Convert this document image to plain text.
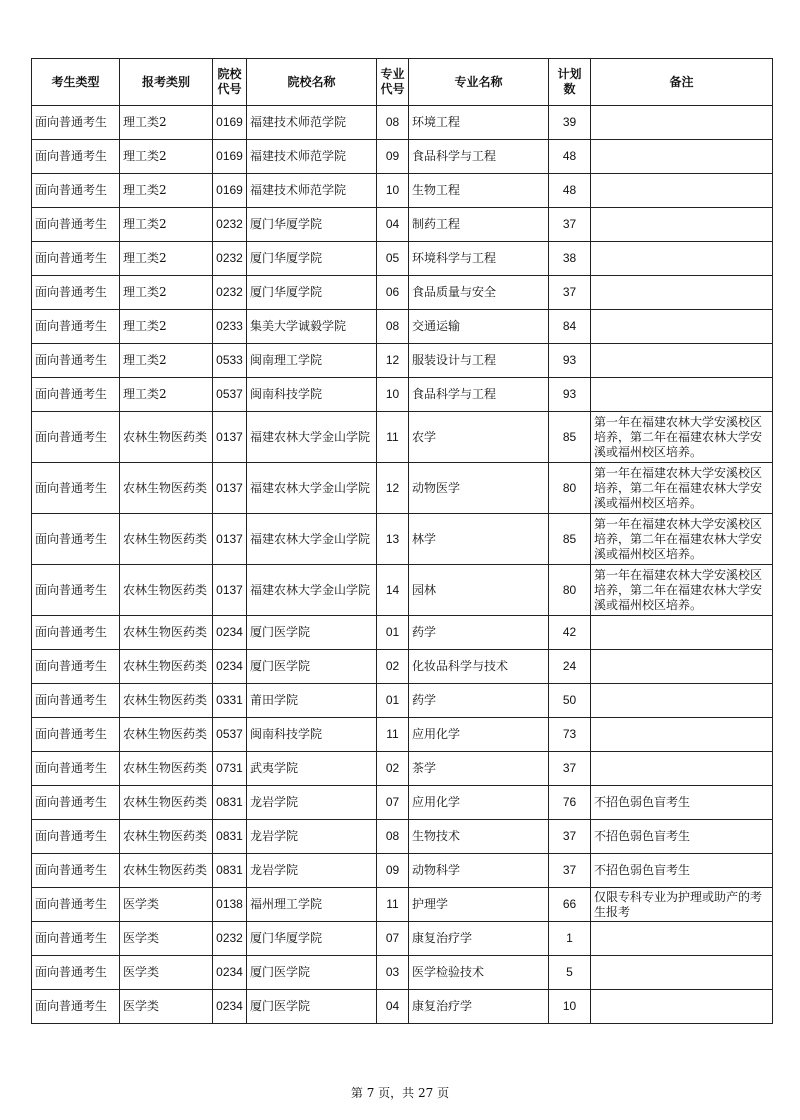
考生类型	报考类别	院校代号	院校名称	专业代号	专业名称	计划数	备注
面向普通考生	理工类2	0169	福建技术师范学院	08	环境工程	39	
面向普通考生	理工类2	0169	福建技术师范学院	09	食品科学与工程	48	
面向普通考生	理工类2	0169	福建技术师范学院	10	生物工程	48	
面向普通考生	理工类2	0232	厦门华厦学院	04	制药工程	37	
面向普通考生	理工类2	0232	厦门华厦学院	05	环境科学与工程	38	
面向普通考生	理工类2	0232	厦门华厦学院	06	食品质量与安全	37	
面向普通考生	理工类2	0233	集美大学诚毅学院	08	交通运输	84	
面向普通考生	理工类2	0533	闽南理工学院	12	服装设计与工程	93	
面向普通考生	理工类2	0537	闽南科技学院	10	食品科学与工程	93	
面向普通考生	农林生物医药类	0137	福建农林大学金山学院	11	农学	85	第一年在福建农林大学安溪校区培养，第二年在福建农林大学安溪或福州校区培养。
面向普通考生	农林生物医药类	0137	福建农林大学金山学院	12	动物医学	80	第一年在福建农林大学安溪校区培养，第二年在福建农林大学安溪或福州校区培养。
面向普通考生	农林生物医药类	0137	福建农林大学金山学院	13	林学	85	第一年在福建农林大学安溪校区培养，第二年在福建农林大学安溪或福州校区培养。
面向普通考生	农林生物医药类	0137	福建农林大学金山学院	14	园林	80	第一年在福建农林大学安溪校区培养，第二年在福建农林大学安溪或福州校区培养。
面向普通考生	农林生物医药类	0234	厦门医学院	01	药学	42	
面向普通考生	农林生物医药类	0234	厦门医学院	02	化妆品科学与技术	24	
面向普通考生	农林生物医药类	0331	莆田学院	01	药学	50	
面向普通考生	农林生物医药类	0537	闽南科技学院	11	应用化学	73	
面向普通考生	农林生物医药类	0731	武夷学院	02	茶学	37	
面向普通考生	农林生物医药类	0831	龙岩学院	07	应用化学	76	不招色弱色盲考生
面向普通考生	农林生物医药类	0831	龙岩学院	08	生物技术	37	不招色弱色盲考生
面向普通考生	农林生物医药类	0831	龙岩学院	09	动物科学	37	不招色弱色盲考生
面向普通考生	医学类	0138	福州理工学院	11	护理学	66	仅限专科专业为护理或助产的考生报考
面向普通考生	医学类	0232	厦门华厦学院	07	康复治疗学	1	
面向普通考生	医学类	0234	厦门医学院	03	医学检验技术	5	
面向普通考生	医学类	0234	厦门医学院	04	康复治疗学	10	
第 7 页，共 27 页
